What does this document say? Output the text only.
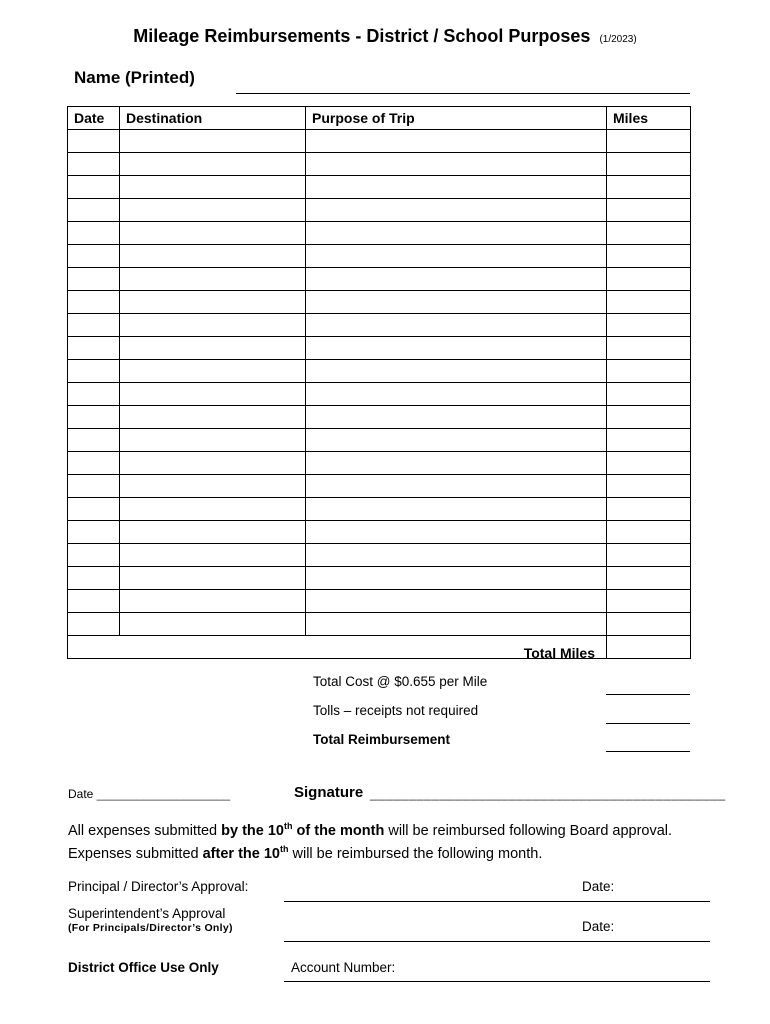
Mileage Reimbursements - District / School Purposes (1/2023)
Name (Printed)
Date	Destination	Purpose of Trip	Miles

Total Miles
Total Cost @ $0.655 per Mile
Tolls – receipts not required
Total Reimbursement
Date ____________________	Signature ______________________________________________
All expenses submitted by the 10th of the month will be reimbursed following Board approval.
Expenses submitted after the 10th will be reimbursed the following month.
Principal / Director’s Approval:	Date:
Superintendent’s Approval
(For Principals/Director’s Only)	Date:
District Office Use Only	Account Number:
